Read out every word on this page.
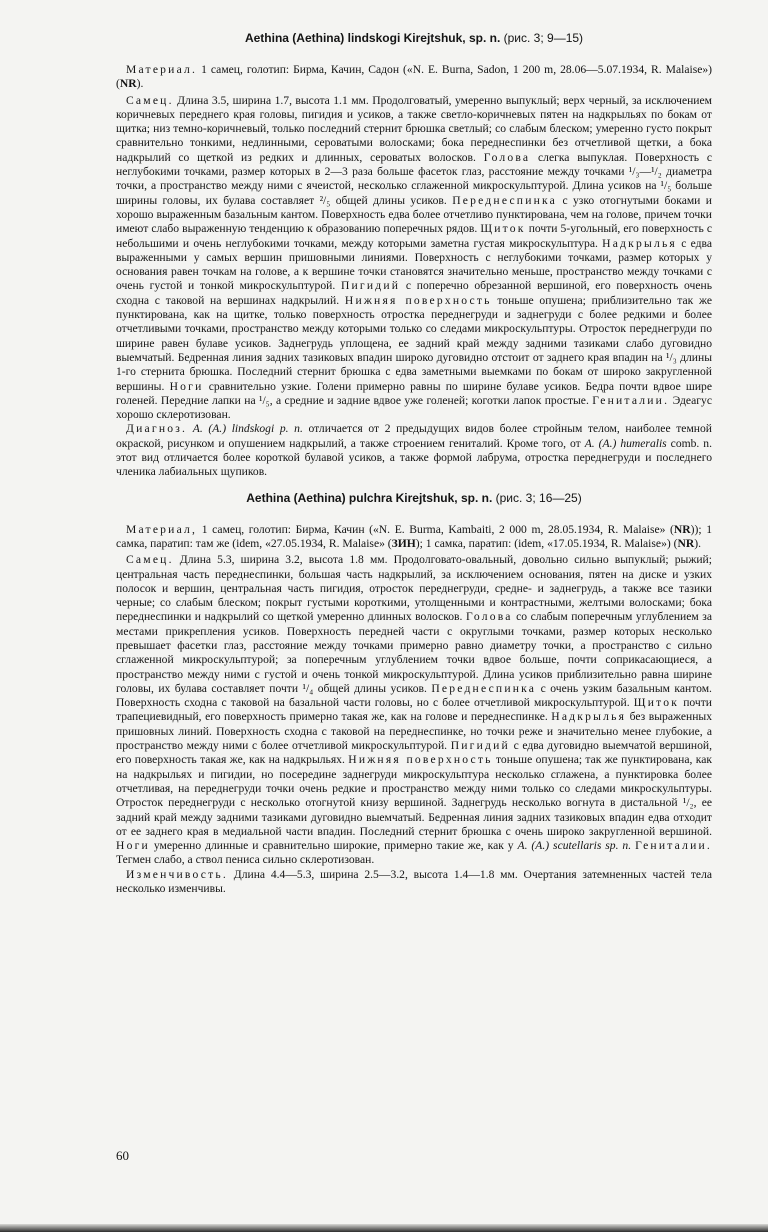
Aethina (Aethina) lindskogi Kirejtshuk, sp. n. (рис. 3; 9—15)

Материал. 1 самец, голотип: Бирма, Качин, Садон («N. E. Burna, Sadon, 1 200 m, 28.06—5.07.1934, R. Malaise») (NR).

Самец. Длина 3.5, ширина 1.7, высота 1.1 мм. Продолговатый, умеренно выпуклый; верх черный, за исключением коричневых переднего края головы, пигидия и усиков, а также светло-коричневых пятен на надкрыльях по бокам от щитка; низ темно-коричневый, только последний стернит брюшка светлый; со слабым блеском; умеренно густо покрыт сравнительно тонкими, недлинными, сероватыми волосками; бока переднеспинки без отчетливой щетки, а бока надкрылий со щеткой из редких и длинных, сероватых волосков. Голова слегка выпуклая. Поверхность с неглубокими точками, размер которых в 2—3 раза больше фасеток глаз, расстояние между точками ¹/₃—¹/₂ диаметра точки, а пространство между ними с ячеистой, несколько сглаженной микроскульптурой. Длина усиков на ¹/₅ больше ширины головы, их булава составляет ²/₅ общей длины усиков. Переднеспинка с узко отогнутыми боками и хорошо выраженным базальным кантом. Поверхность едва более отчетливо пунктирована, чем на голове, причем точки имеют слабо выраженную тенденцию к образованию поперечных рядов. Щиток почти 5-угольный, его поверхность с небольшими и очень неглубокими точками, между которыми заметна густая микроскульптура. Надкрылья с едва выраженными у самых вершин пришовными линиями. Поверхность с неглубокими точками, размер которых у основания равен точкам на голове, а к вершине точки становятся значительно меньше, пространство между точками с очень густой и тонкой микроскульптурой. Пигидий с поперечно обрезанной вершиной, его поверхность очень сходна с таковой на вершинах надкрылий. Нижняя поверхность тоньше опушена; приблизительно так же пунктирована, как на щитке, только поверхность отростка переднегруди и заднегруди с более редкими и более отчетливыми точками, пространство между которыми только со следами микроскульптуры. Отросток переднегруди по ширине равен булаве усиков. Заднегрудь уплощена, ее задний край между задними тазиками слабо дуговидно выемчатый. Бедренная линия задних тазиковых впадин широко дуговидно отстоит от заднего края впадин на ¹/₃ длины 1-го стернита брюшка. Последний стернит брюшка с едва заметными выемками по бокам от широко закругленной вершины. Ноги сравнительно узкие. Голени примерно равны по ширине булаве усиков. Бедра почти вдвое шире голеней. Передние лапки на ¹/₅, а средние и задние вдвое уже голеней; коготки лапок простые. Гениталии. Эдеагус хорошо склеротизован.

Диагноз. A. (A.) lindskogi p. n. отличается от 2 предыдущих видов более стройным телом, наиболее темной окраской, рисунком и опушением надкрылий, а также строением гениталий. Кроме того, от A. (A.) humeralis comb. n. этот вид отличается более короткой булавой усиков, а также формой лабрума, отростка переднегруди и последнего членика лабиальных щупиков.

Aethina (Aethina) pulchra Kirejtshuk, sp. n. (рис. 3; 16—25)

Материал, 1 самец, голотип: Бирма, Качин («N. E. Burma, Kambaiti, 2 000 m, 28.05.1934, R. Malaise» (NR)); 1 самка, паратип: там же (idem, «27.05.1934, R. Malaise» (ЗИН); 1 самка, паратип: (idem, «17.05.1934, R. Malaise») (NR).

Самец. Длина 5.3, ширина 3.2, высота 1.8 мм. Продолговато-овальный, довольно сильно выпуклый; рыжий; центральная часть переднеспинки, большая часть надкрылий, за исключением основания, пятен на диске и узких полосок и вершин, центральная часть пигидия, отросток переднегруди, средне- и заднегрудь, а также все тазики черные; со слабым блеском; покрыт густыми короткими, утолщенными и контрастными, желтыми волосками; бока переднеспинки и надкрылий со щеткой умеренно длинных волосков. Голова со слабым поперечным углублением за местами прикрепления усиков. Поверхность передней части с округлыми точками, размер которых несколько превышает фасетки глаз, расстояние между точками примерно равно диаметру точки, а пространство с сильно сглаженной микроскульптурой; за поперечным углублением точки вдвое больше, почти соприкасающиеся, а пространство между ними с густой и очень тонкой микроскульптурой. Длина усиков приблизительно равна ширине головы, их булава составляет почти ¹/₄ общей длины усиков. Переднеспинка с очень узким базальным кантом. Поверхность сходна с таковой на базальной части головы, но с более отчетливой микроскульптурой. Щиток почти трапециевидный, его поверхность примерно такая же, как на голове и переднеспинке. Надкрылья без выраженных пришовных линий. Поверхность сходна с таковой на переднеспинке, но точки реже и значительно менее глубокие, а пространство между ними с более отчетливой микроскульптурой. Пигидий с едва дуговидно выемчатой вершиной, его поверхность такая же, как на надкрыльях. Нижняя поверхность тоньше опушена; так же пунктирована, как на надкрыльях и пигидии, но посередине заднегруди микроскульптура несколько сглажена, а пунктировка более отчетливая, на переднегруди точки очень редкие и пространство между ними только со следами микроскульптуры. Отросток переднегруди с несколько отогнутой книзу вершиной. Заднегрудь несколько вогнута в дистальной ¹/₂, ее задний край между задними тазиками дуговидно выемчатый. Бедренная линия задних тазиковых впадин едва отходит от ее заднего края в медиальной части впадин. Последний стернит брюшка с очень широко закругленной вершиной. Ноги умеренно длинные и сравнительно широкие, примерно такие же, как у A. (A.) scutellaris sp. n. Гениталии. Тегмен слабо, а ствол пениса сильно склеротизован.

Изменчивость. Длина 4.4—5.3, ширина 2.5—3.2, высота 1.4—1.8 мм. Очертания затемненных частей тела несколько изменчивы.

60
